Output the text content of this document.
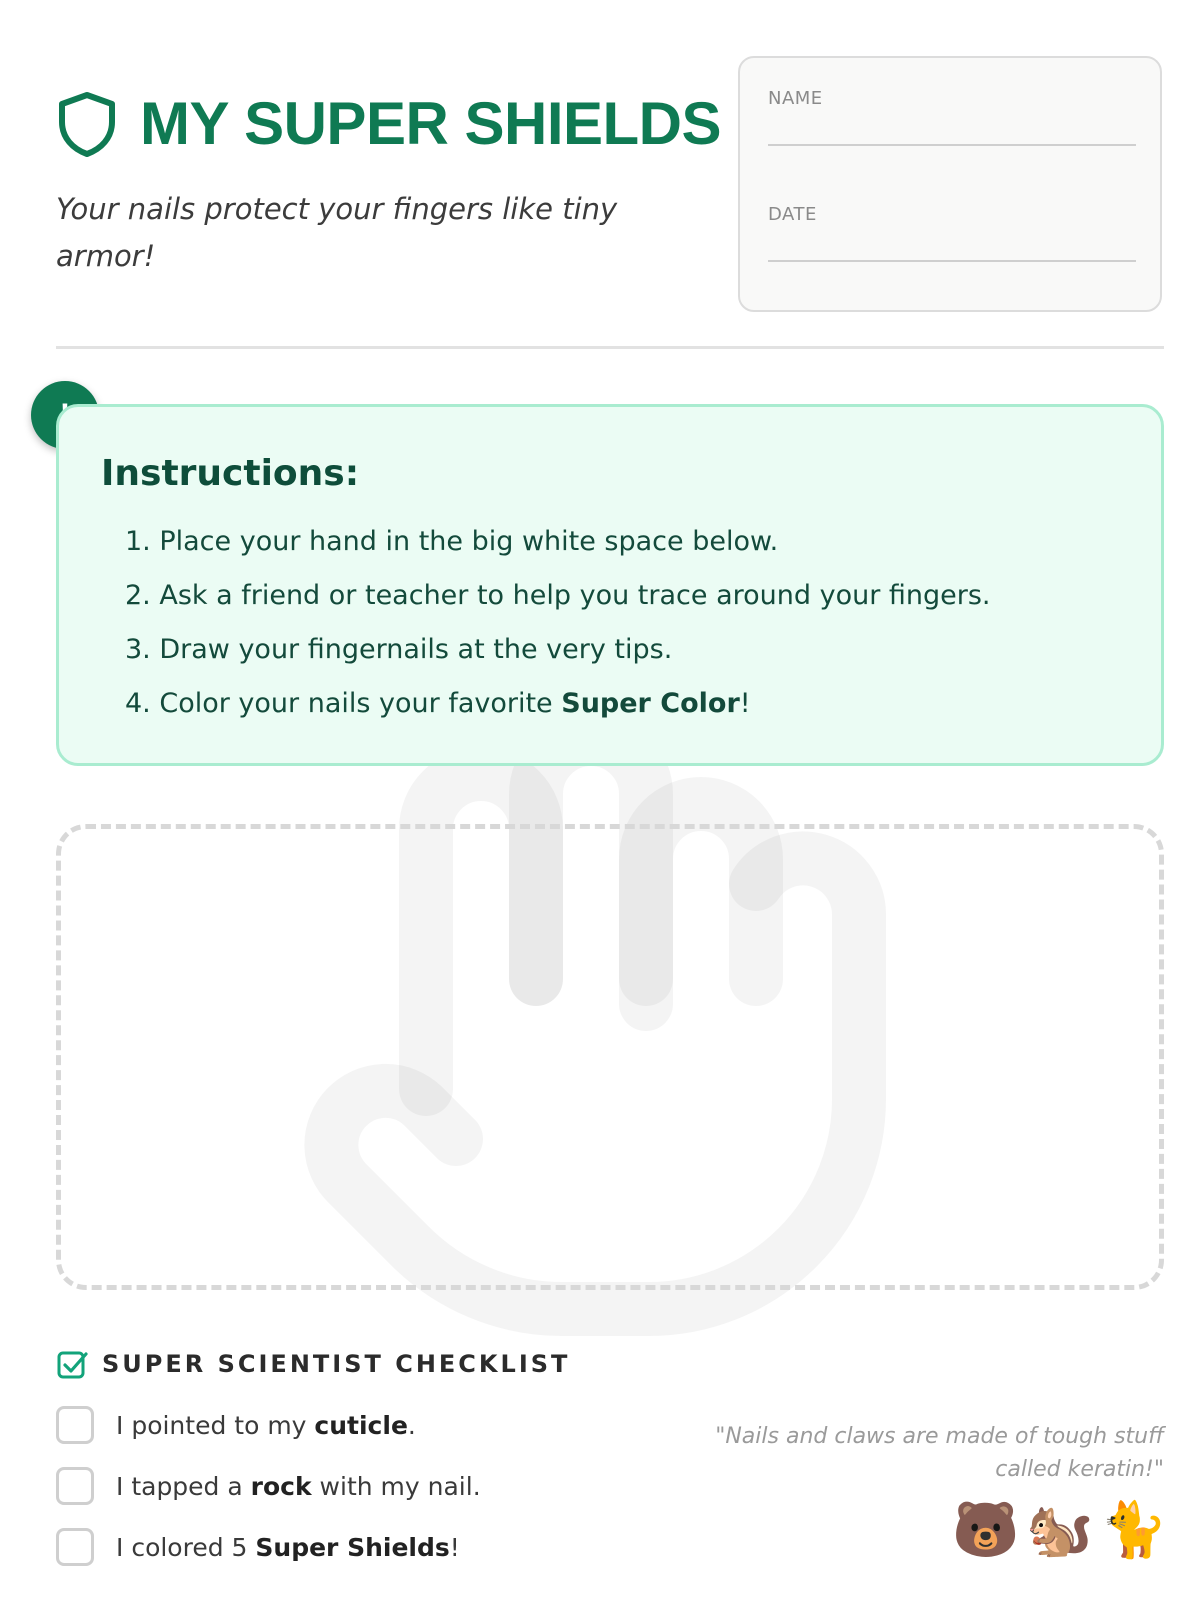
MY SUPER SHIELDS

Your nails protect your fingers like tiny armor!

NAME
DATE
Instructions:
1. Place your hand in the big white space below.
2. Ask a friend or teacher to help you trace around your fingers.
3. Draw your fingernails at the very tips.
4. Color your nails your favorite Super Color!
SUPER SCIENTIST CHECKLIST
I pointed to my cuticle.
I tapped a rock with my nail.
I colored 5 Super Shields!

"Nails and claws are made of tough stuff called keratin!"

🐻 🐿️ 🐈
